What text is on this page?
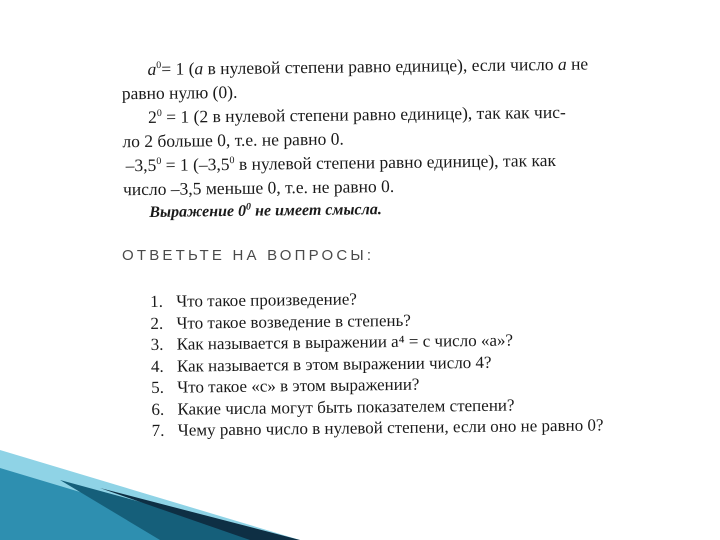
$a^0= 1$ (a в нулевой степени равно единице), если число a не
равно нулю (0).
$2^0 = 1$ (2 в нулевой степени равно единице), так как чис-
ло 2 больше 0, т.е. не равно 0.
$-3,5^0 = 1$ ($-3,5^0$ в нулевой степени равно единице), так как
число –3,5 меньше 0, т.е. не равно 0.
Выражение $0^0$ не имеет смысла.
ОТВЕТЬТЕ НА ВОПРОСЫ:
1. Что такое произведение?
2. Что такое возведение в степень?
3. Как называется в выражении а⁴ = с число «а»?
4. Как называется в этом выражении число 4?
5. Что такое «с» в этом выражении?
6. Какие числа могут быть показателем степени?
7. Чему равно число в нулевой степени, если оно не равно 0?
